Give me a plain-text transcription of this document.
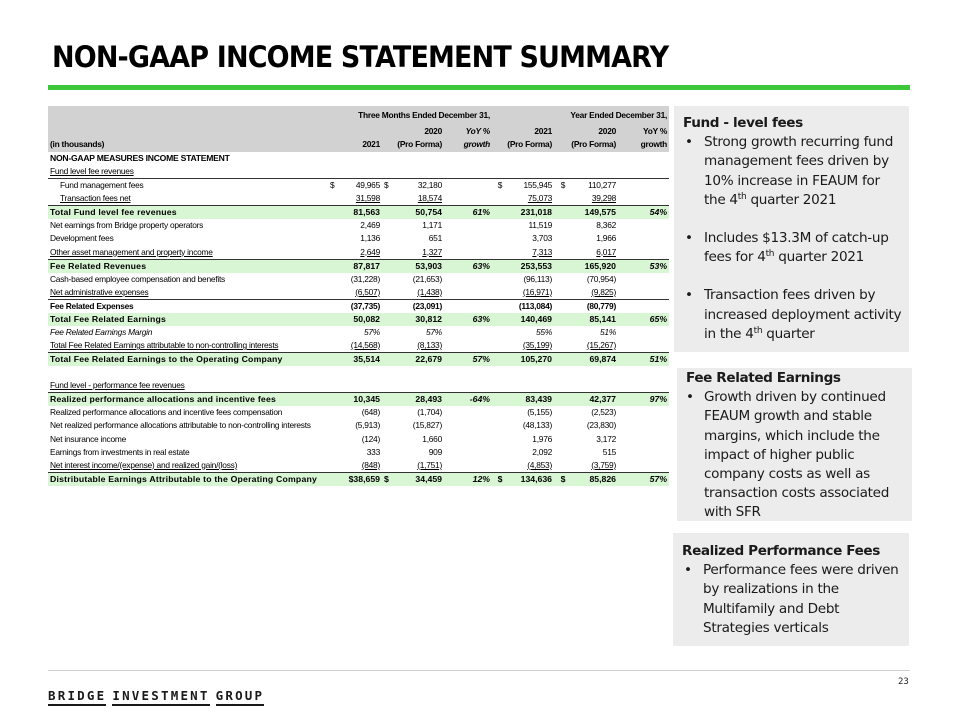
NON-GAAP INCOME STATEMENT SUMMARY
	Three Months Ended December 31,					Year Ended December 31,				
			2020		YoY %	2021		2020		YoY %
(in thousands)	2021		(Pro Forma)		growth	(Pro Forma)		(Pro Forma)		growth
NON-GAAP MEASURES INCOME STATEMENT										
Fund level fee revenues										
Fund management fees	$	49,965	$	32,180		$	155,945	$	110,277	
Transaction fees net		31,598		18,574			75,073		39,298	
Total Fund level fee revenues		81,563		50,754	61%		231,018		149,575	54%
Net earnings from Bridge property operators		2,469		1,171			11,519		8,362	
Development fees		1,136		651			3,703		1,966	
Other asset management and property income		2,649		1,327			7,313		6,017	
Fee Related Revenues		87,817		53,903	63%		253,553		165,920	53%
Cash-based employee compensation and benefits		(31,228)		(21,653)			(96,113)		(70,954)	
Net administrative expenses		(6,507)		(1,438)			(16,971)		(9,825)	
Fee Related Expenses		(37,735)		(23,091)			(113,084)		(80,779)	
Total Fee Related Earnings		50,082		30,812	63%		140,469		85,141	65%
Fee Related Earnings Margin		57%		57%			55%		51%	
Total Fee Related Earnings attributable to non-controlling interests		(14,568)		(8,133)			(35,199)		(15,267)	
Total Fee Related Earnings to the Operating Company		35,514		22,679	57%		105,270		69,874	51%

Fund level - performance fee revenues										
Realized performance allocations and incentive fees		10,345		28,493	-64%		83,439		42,377	97%
Realized performance allocations and incentive fees compensation		(648)		(1,704)			(5,155)		(2,523)	
Net realized performance allocations attributable to non-controlling interests		(5,913)		(15,827)			(48,133)		(23,830)	
Net insurance income		(124)		1,660			1,976		3,172	
Earnings from investments in real estate		333		909			2,092		515	
Net interest income/(expense) and realized gain/(loss)		(848)		(1,751)			(4,853)		(3,759)	
Distributable Earnings Attributable to the Operating Company	$38,659		$	34,459	12%	$	134,636	$	85,826	57%
Fund - level fees
• Strong growth recurring fund management fees driven by 10% increase in FEAUM for the 4th quarter 2021
• Includes $13.3M of catch-up fees for 4th quarter 2021
• Transaction fees driven by increased deployment activity in the 4th quarter
Fee Related Earnings
• Growth driven by continued FEAUM growth and stable margins, which include the impact of higher public company costs as well as transaction costs associated with SFR
Realized Performance Fees
• Performance fees were driven by realizations in the Multifamily and Debt Strategies verticals
23
BRIDGE INVESTMENT GROUP
